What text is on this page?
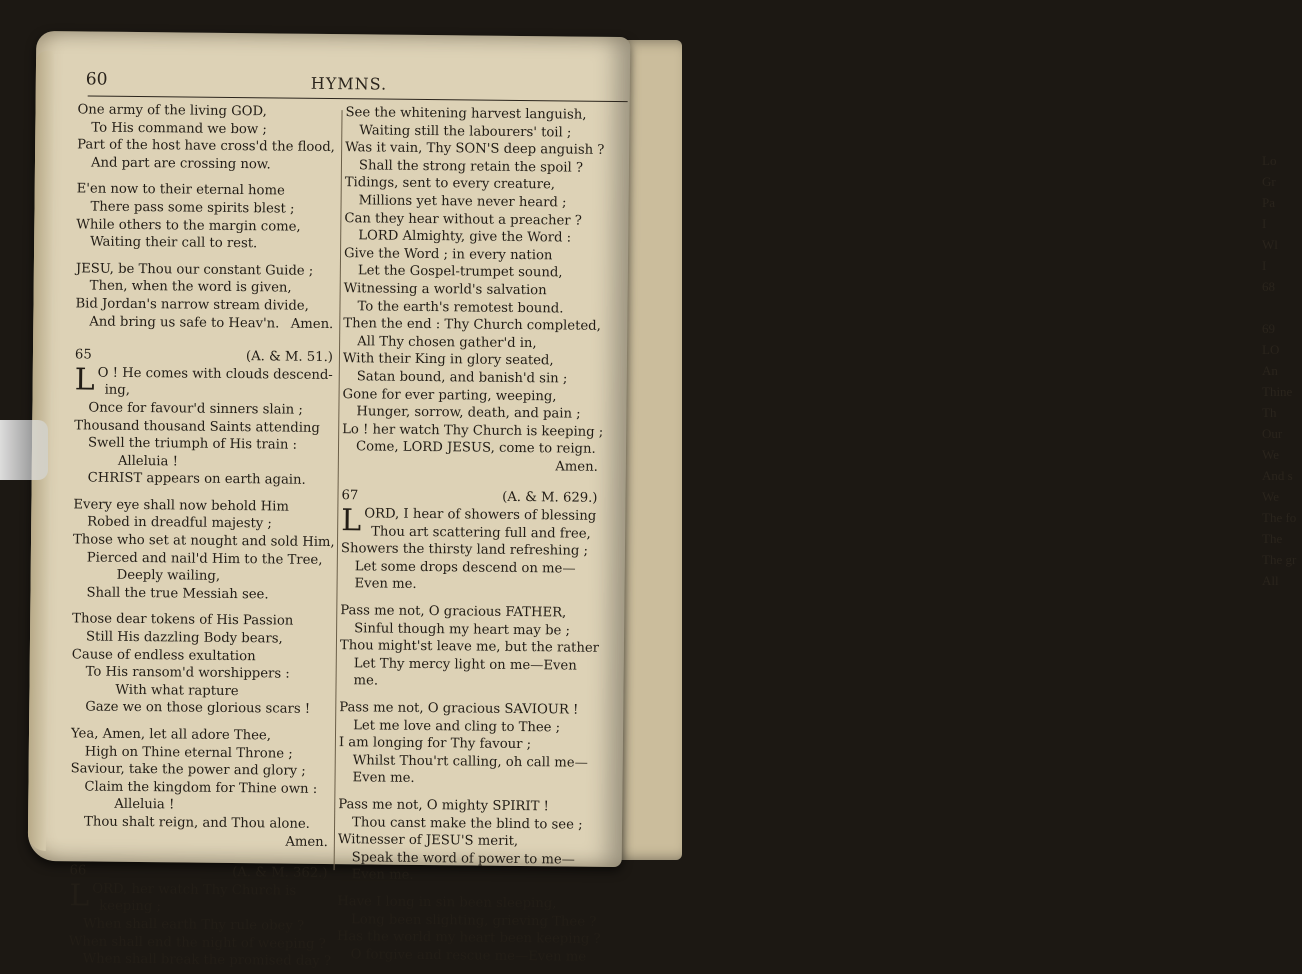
Lo
Gr
Pa
I
Wl
I
68

69
LO
An
Thine
Th
Our
We
And s
We
The fo
The
The gr
All
60	HYMNS.
One army of the living GOD,
To His command we bow ;
Part of the host have cross'd the flood,
And part are crossing now.
E'en now to their eternal home
There pass some spirits blest ;
While others to the margin come,
Waiting their call to rest.
JESU, be Thou our constant Guide ;
Then, when the word is given,
Bid Jordan's narrow stream divide,
And bring us safe to Heav'n. Amen.
65	(A. & M. 51.)
L O ! He comes with clouds descend-
ing,
Once for favour'd sinners slain ;
Thousand thousand Saints attending
Swell the triumph of His train :
Alleluia !
CHRIST appears on earth again.
Every eye shall now behold Him
Robed in dreadful majesty ;
Those who set at nought and sold Him,
Pierced and nail'd Him to the Tree,
Deeply wailing,
Shall the true Messiah see.
Those dear tokens of His Passion
Still His dazzling Body bears,
Cause of endless exultation
To His ransom'd worshippers :
With what rapture
Gaze we on those glorious scars !
Yea, Amen, let all adore Thee,
High on Thine eternal Throne ;
Saviour, take the power and glory ;
Claim the kingdom for Thine own :
Alleluia !
Thou shalt reign, and Thou alone.
Amen.
66	(A. & M. 362.)
L ORD, her watch Thy Church is
keeping ;
When shall earth Thy rule obey ?
When shall end the night of weeping ?
When shall break the promised day ?
See the whitening harvest languish,
Waiting still the labourers' toil ;
Was it vain, Thy SON'S deep anguish ?
Shall the strong retain the spoil ?
Tidings, sent to every creature,
Millions yet have never heard ;
Can they hear without a preacher ?
LORD Almighty, give the Word :
Give the Word ; in every nation
Let the Gospel-trumpet sound,
Witnessing a world's salvation
To the earth's remotest bound.
Then the end : Thy Church completed,
All Thy chosen gather'd in,
With their King in glory seated,
Satan bound, and banish'd sin ;
Gone for ever parting, weeping,
Hunger, sorrow, death, and pain ;
Lo ! her watch Thy Church is keeping ;
Come, LORD JESUS, come to reign.
Amen.
67	(A. & M. 629.)
L ORD, I hear of showers of blessing
Thou art scattering full and free,
Showers the thirsty land refreshing ;
Let some drops descend on me—
Even me.
Pass me not, O gracious FATHER,
Sinful though my heart may be ;
Thou might'st leave me, but the rather
Let Thy mercy light on me—Even
me.
Pass me not, O gracious SAVIOUR !
Let me love and cling to Thee ;
I am longing for Thy favour ;
Whilst Thou'rt calling, oh call me—
Even me.
Pass me not, O mighty SPIRIT !
Thou canst make the blind to see ;
Witnesser of JESU'S merit,
Speak the word of power to me—
Even me.
Have I long in sin been sleeping,
Long been slighting, grieving Thee ?
Has the world my heart been keeping ?
O forgive and rescue me—Even me
